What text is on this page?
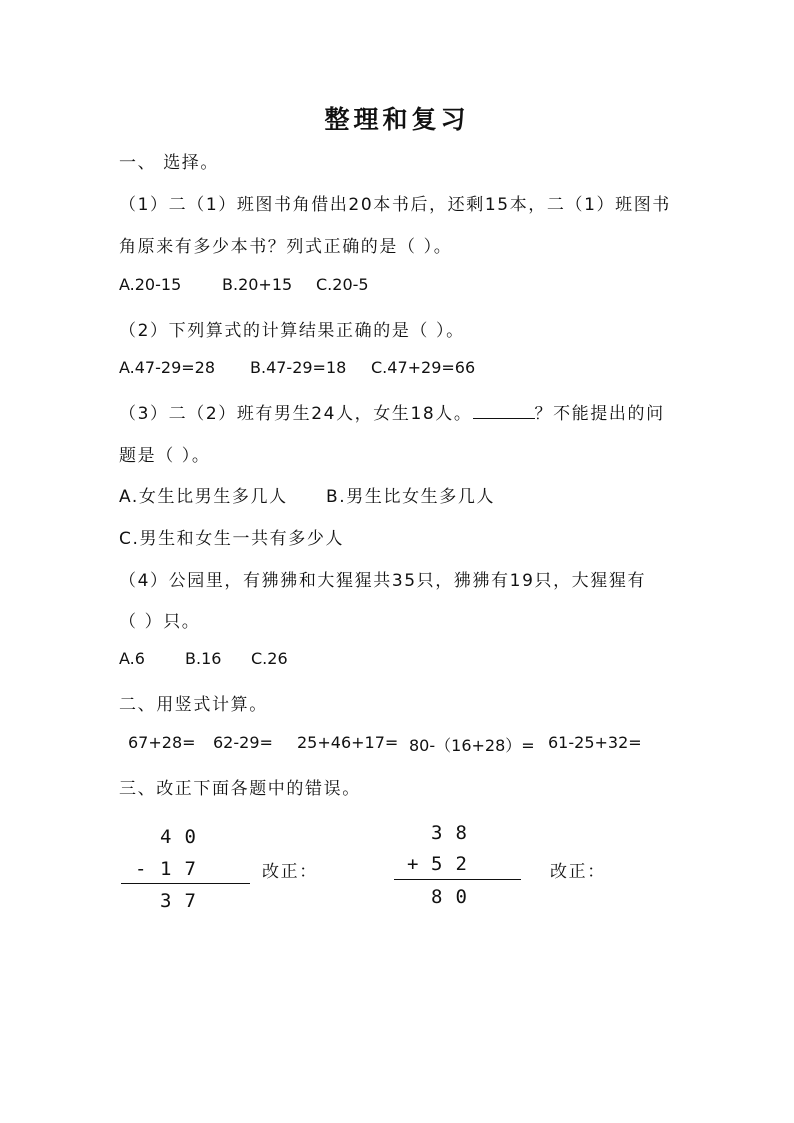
整理和复习
一、 选择。
（1）二（1）班图书角借出20本书后，还剩15本，二（1）班图书
角原来有多少本书？列式正确的是（ ）。
A.20-15	B.20+15 C.20-5
（2）下列算式的计算结果正确的是（ ）。
A.47-29=28 B.47-29=18 C.47+29=66
（3）二（2）班有男生24人，女生18人。	？不能提出的问
题是（ ）。
A.女生比男生多几人 B.男生比女生多几人
C.男生和女生一共有多少人
（4）公园里，有狒狒和大猩猩共35只，狒狒有19只，大猩猩有
（ ）只。
A.6	B.16 C.26
二、用竖式计算。
67+28= 62-29= 25+46+17= 80-（16+28）= 61-25+32=
三、改正下面各题中的错误。
40
- 17
37
改正：
38
+ 52
80
改正：
